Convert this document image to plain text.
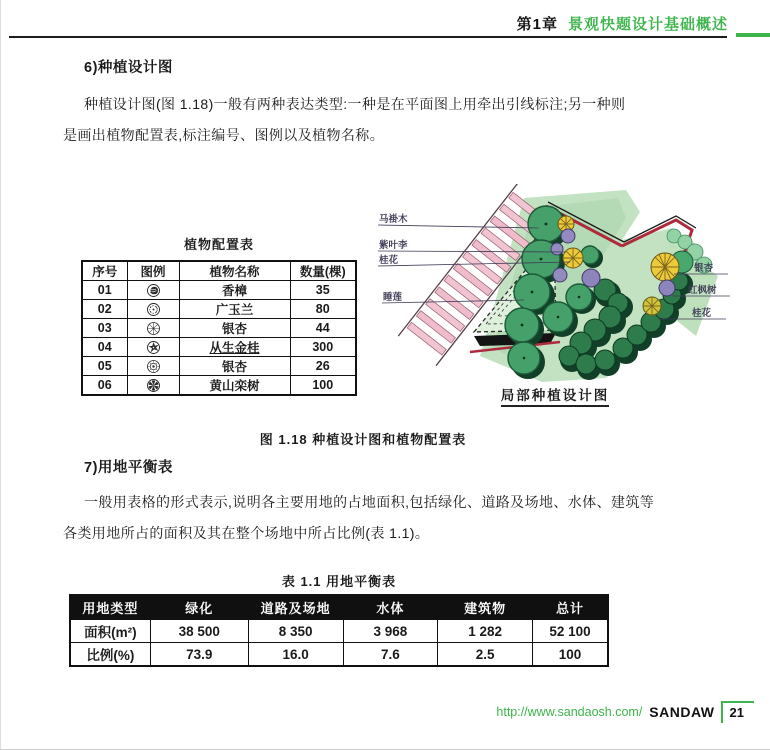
第1章 景观快题设计基础概述
6)种植设计图
种植设计图(图 1.18)一般有两种表达类型:一种是在平面图上用牵出引线标注;另一种则
是画出植物配置表,标注编号、图例以及植物名称。
植物配置表
序号	图例	植物名称	数量(棵)
01		香樟	35
02		广玉兰	80
03		银杏	44
04		从生金桂	300
05		银杏	26
06		黄山栾树	100
马褂木
紫叶李
桂花
睡莲
银杏
红枫树
桂花
局部种植设计图
图 1.18 种植设计图和植物配置表
7)用地平衡表
一般用表格的形式表示,说明各主要用地的占地面积,包括绿化、道路及场地、水体、建筑等
各类用地所占的面积及其在整个场地中所占比例(表 1.1)。
表 1.1 用地平衡表
用地类型	绿化	道路及场地	水体	建筑物	总计
面积(m²)	38 500	8 350	3 968	1 282	52 100
比例(%)	73.9	16.0	7.6	2.5	100
http://www.sandaosh.com/ SANDAW	21
